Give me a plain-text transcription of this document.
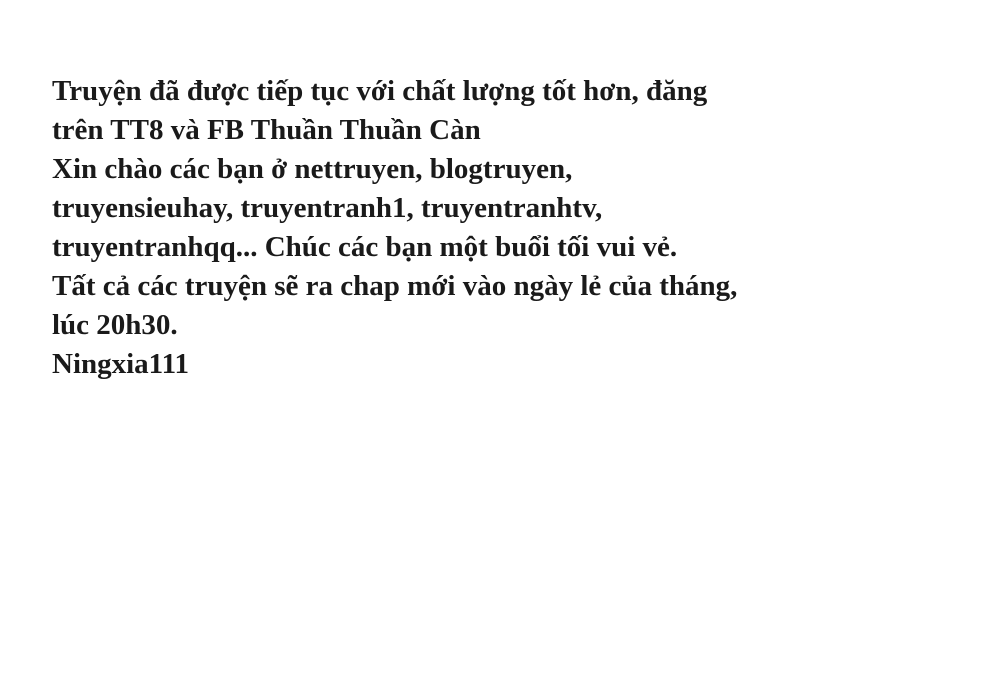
Truyện đã được tiếp tục với chất lượng tốt hơn, đăng
trên TT8 và FB Thuần Thuần Càn
Xin chào các bạn ở nettruyen, blogtruyen,
truyensieuhay, truyentranh1, truyentranhtv,
truyentranhqq... Chúc các bạn một buổi tối vui vẻ.
Tất cả các truyện sẽ ra chap mới vào ngày lẻ của tháng,
lúc 20h30.
Ningxia111
